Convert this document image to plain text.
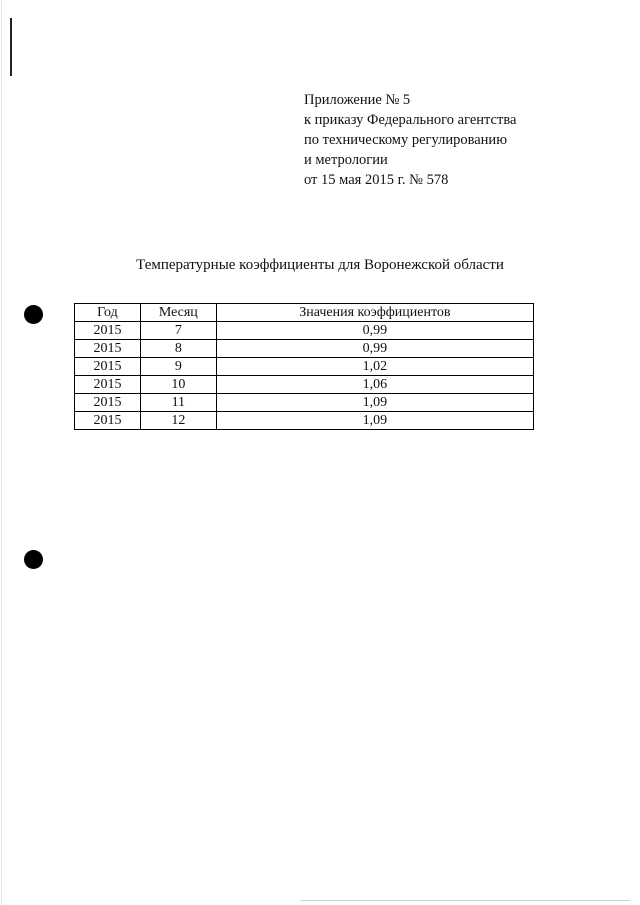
Приложение № 5
к приказу Федерального агентства
по техническому регулированию
и метрологии
от 15 мая 2015 г. № 578
Температурные коэффициенты для Воронежской области
Год	Месяц	Значения коэффициентов
2015	7	0,99
2015	8	0,99
2015	9	1,02
2015	10	1,06
2015	11	1,09
2015	12	1,09
